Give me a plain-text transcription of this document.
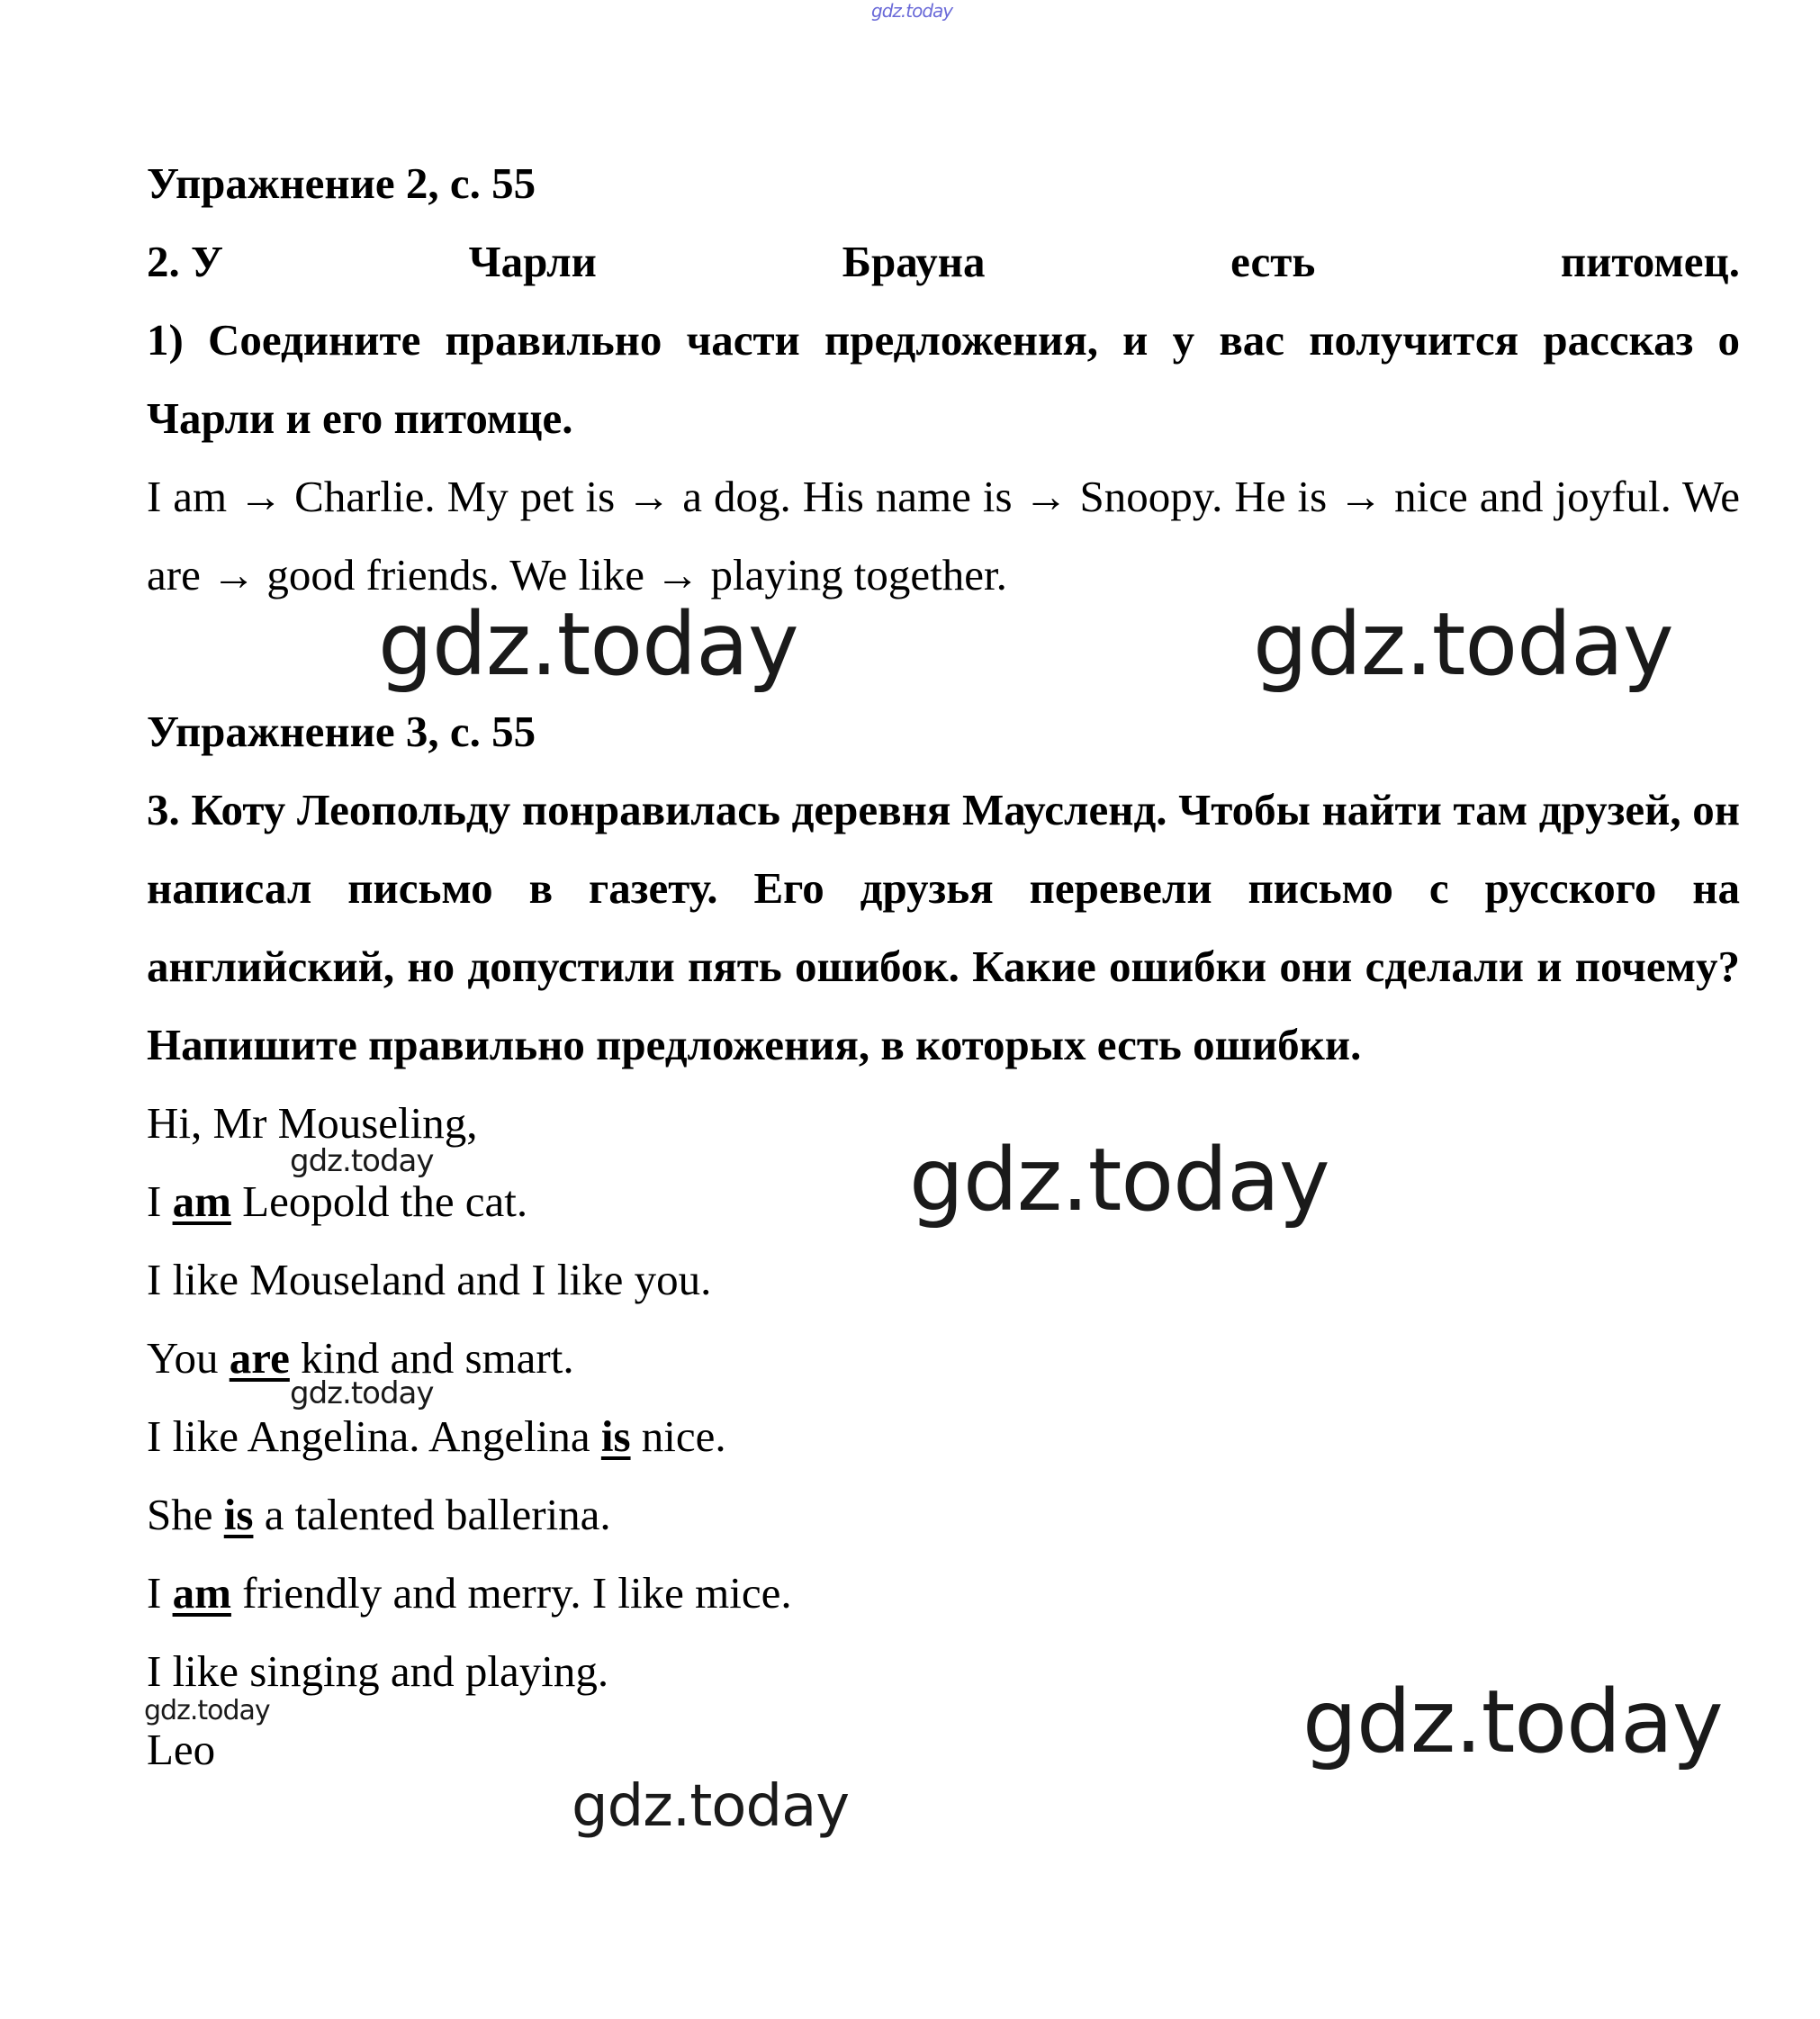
gdz.today
Упражнение 2, с. 55
2. У	Чарли	Брауна	есть	питомец.
1) Соедините правильно части предложения, и у вас получится рассказ о Чарли и его питомце.
I am → Charlie. My pet is → a dog. His name is → Snoopy. He is → nice and joyful. We are → good friends. We like → playing together.
Упражнение 3, с. 55
3. Коту Леопольду понравилась деревня Маусленд. Чтобы найти там друзей, он написал письмо в газету. Его друзья перевели письмо с русского на английский, но допустили пять ошибок. Какие ошибки они сделали и почему? Напишите правильно предложения, в которых есть ошибки.
Hi, Mr Mouseling,
I am Leopold the cat.
I like Mouseland and I like you.
You are kind and smart.
I like Angelina. Angelina is nice.
She is a talented ballerina.
I am friendly and merry. I like mice.
I like singing and playing.
Leo
gdz.today	gdz.today
gdz.today
gdz.today
gdz.today
gdz.today
gdz.today
gdz.today
